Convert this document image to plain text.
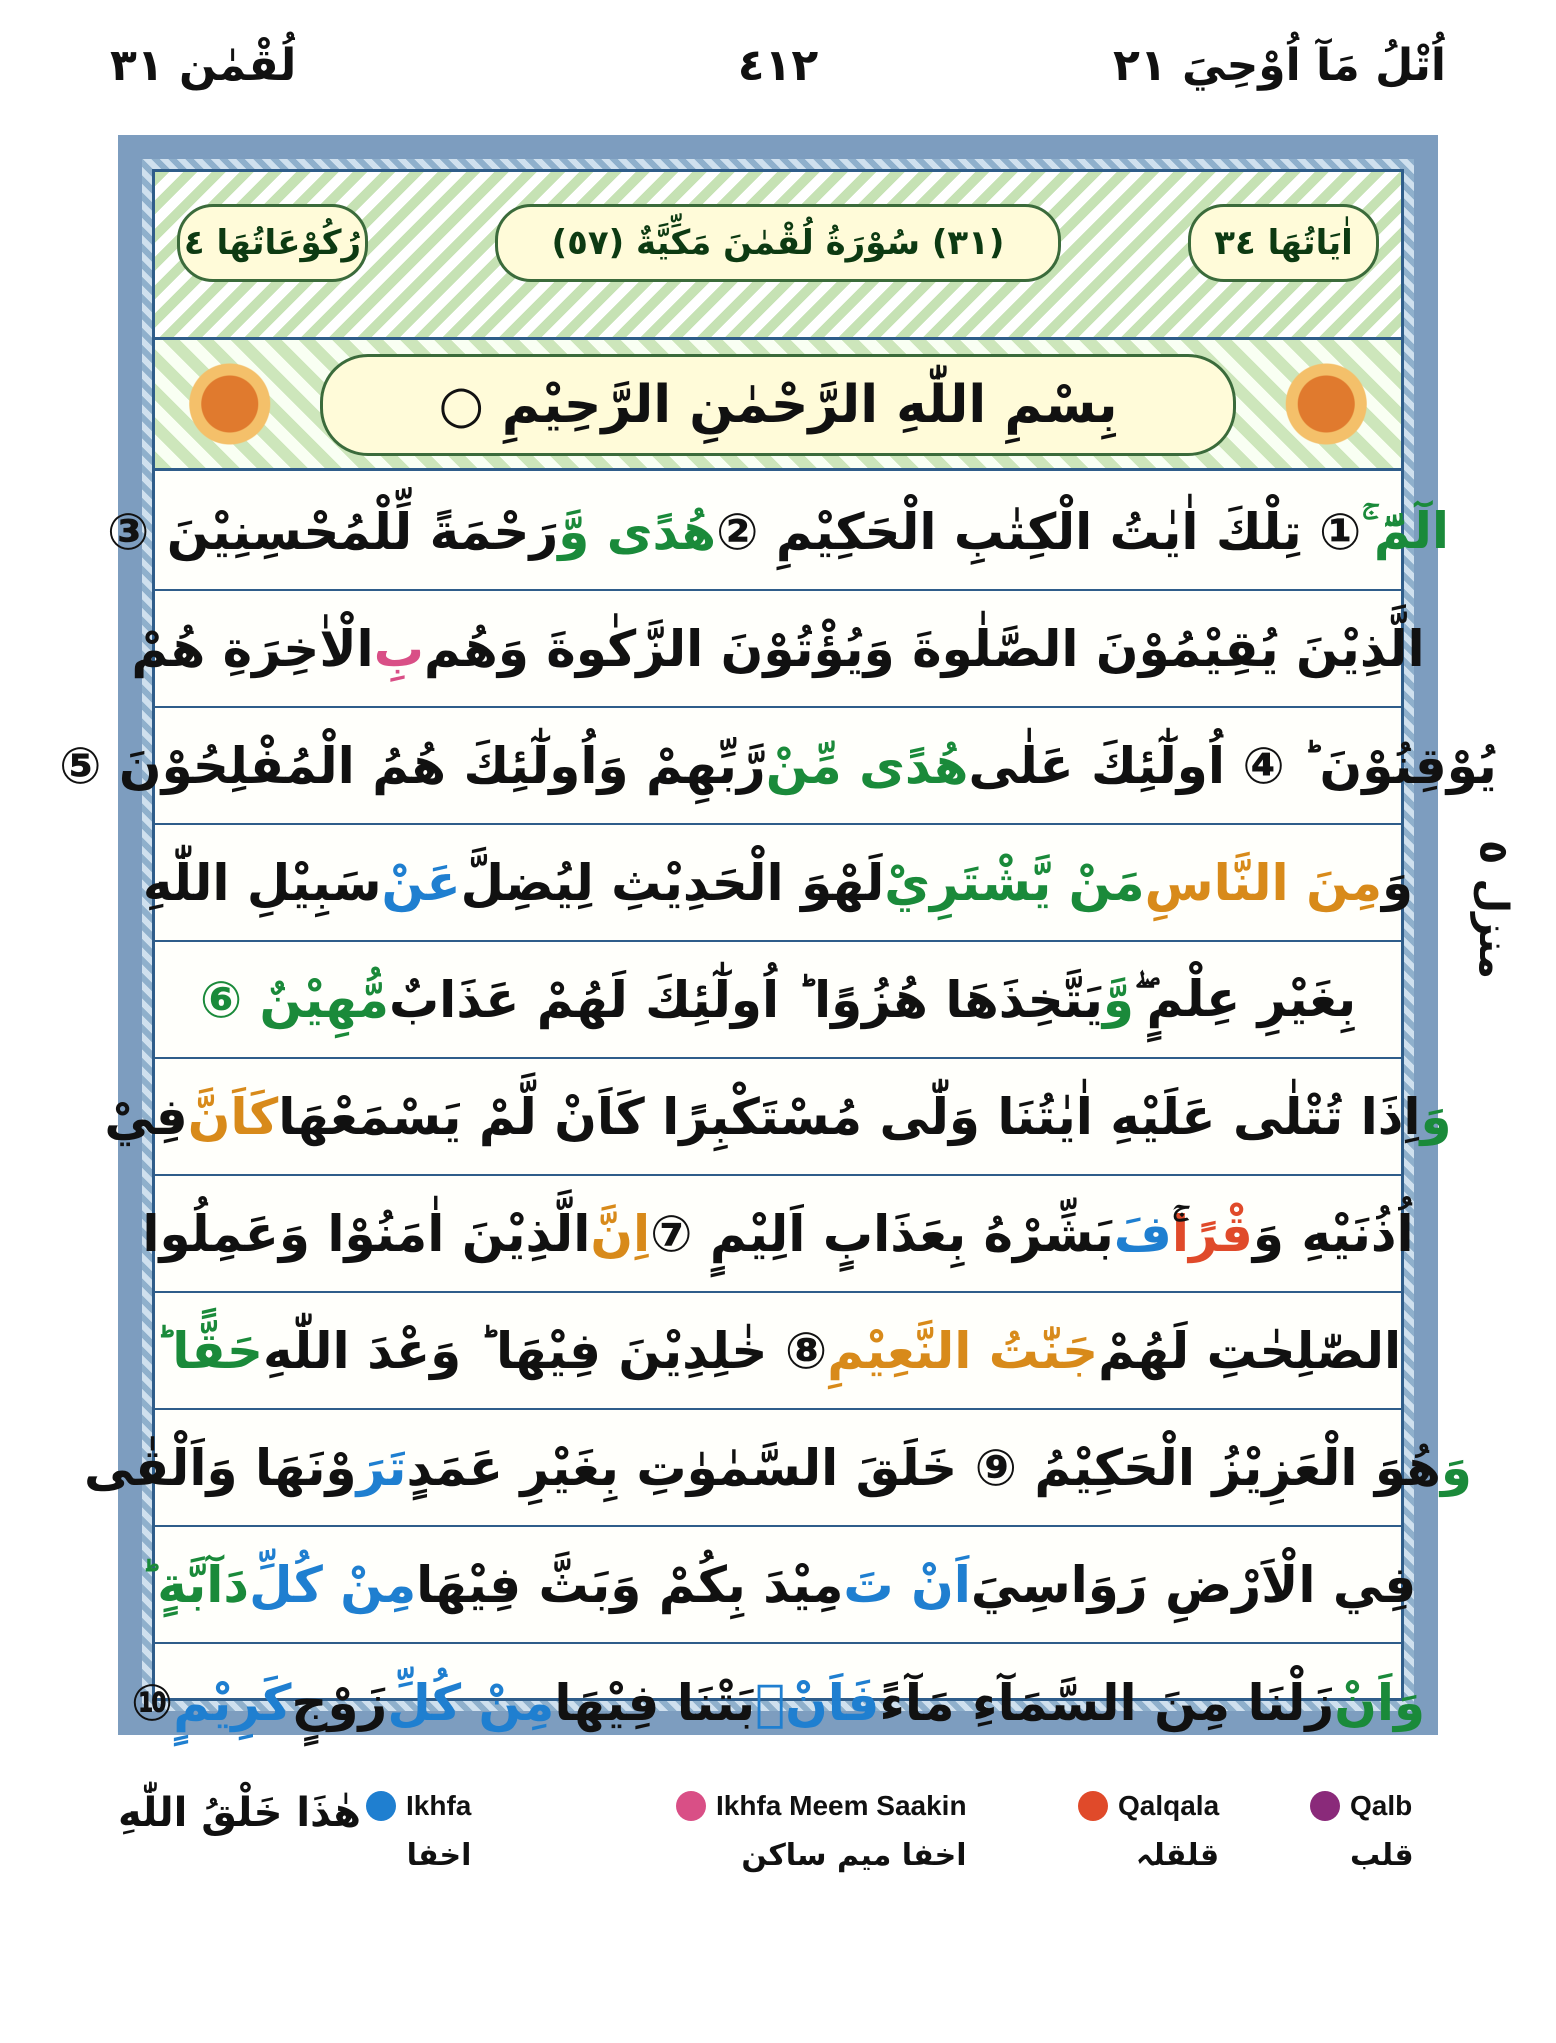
لُقْمٰن ٣١	٤١٢	اُتْلُ مَآ اُوْحِيَ ٢١
رُكُوْعَاتُهَا ٤	(٣١) سُوْرَةُ لُقْمٰنَ مَكِّيَّةٌ (٥٧)	اٰيَاتُهَا ٣٤
بِسْمِ اللّٰهِ الرَّحْمٰنِ الرَّحِيْمِ ○
الٓمّٓ ۚ
① تِلْكَ اٰيٰتُ الْكِتٰبِ الْحَكِيْمِ ②
هُدًى وَّ
رَحْمَةً لِّلْمُحْسِنِيْنَ ③
الَّذِيْنَ يُقِيْمُوْنَ الصَّلٰوةَ وَيُؤْتُوْنَ الزَّكٰوةَ وَهُم
بِ
الْاٰخِرَةِ هُمْ
يُوْقِنُوْنَ ؕ ④ اُولٰٓئِكَ عَلٰى
هُدًى مِّنْ
رَّبِّهِمْ وَاُولٰٓئِكَ هُمُ الْمُفْلِحُوْنَ ⑤
وَ
مِنَ النَّاسِ
مَنْ يَّشْتَرِيْ
لَهْوَ الْحَدِيْثِ لِيُضِلَّ
عَنْ
سَبِيْلِ اللّٰهِ
بِغَيْرِ عِلْمٍ ۖ
وَّ
يَتَّخِذَهَا هُزُوًا ؕ اُولٰٓئِكَ لَهُمْ عَذَابٌ
مُّهِيْنٌ ⑥
وَ
اِذَا تُتْلٰى عَلَيْهِ اٰيٰتُنَا وَلّٰى مُسْتَكْبِرًا كَاَنْ لَّمْ يَسْمَعْهَا
كَاَنَّ
فِيْ
اُذُنَيْهِ وَ
قْرًا
فَ
بَشِّرْهُ بِعَذَابٍ اَلِيْمٍ ⑦
اِنَّ
الَّذِيْنَ اٰمَنُوْا وَعَمِلُوا
الصّٰلِحٰتِ لَهُمْ
جَنّٰتُ النَّعِيْمِ
⑧ خٰلِدِيْنَ فِيْهَا ؕ وَعْدَ اللّٰهِ
حَقًّا ؕ
وَ
هُوَ الْعَزِيْزُ الْحَكِيْمُ ⑨ خَلَقَ السَّمٰوٰتِ بِغَيْرِ عَمَدٍ
تَرَ
وْنَهَا وَاَلْقٰى
فِي الْاَرْضِ رَوَاسِيَ
اَنْ تَ
مِيْدَ بِكُمْ وَبَثَّ فِيْهَا
مِنْ كُلِّ
دَآبَّةٍ ؕ
وَاَنْ
زَلْنَا مِنَ السَّمَآءِ مَآءً
فَاَنْۢ
بَتْنَا فِيْهَا
مِنْ كُلِّ
زَوْجٍ
كَرِيْمٍ
⑩
منزل ٥
هٰذَا خَلْقُ اللّٰهِ	Ikhfa
اخفا
Ikhfa Meem Saakin
اخفا میم ساکن
Qalqala
قلقلہ
Qalb
قلب
